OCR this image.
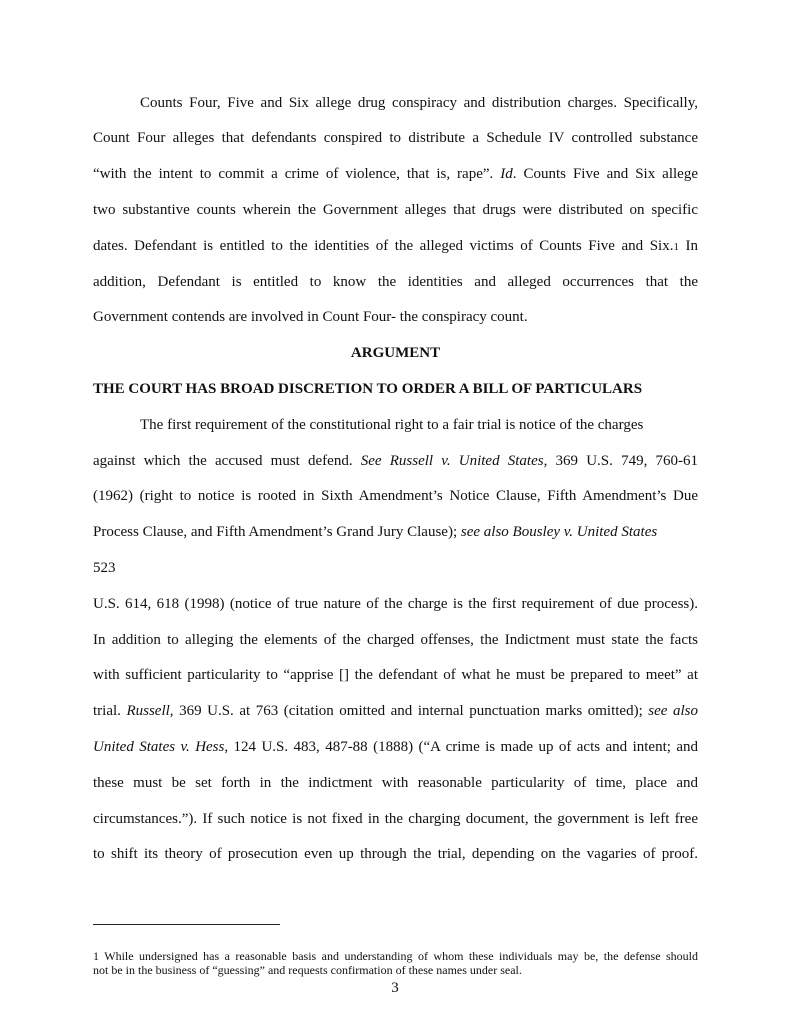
Counts Four, Five and Six allege drug conspiracy and distribution charges. Specifically,
Count Four alleges that defendants conspired to distribute a Schedule IV controlled substance
“with the intent to commit a crime of violence, that is, rape”. Id. Counts Five and Six allege
two substantive counts wherein the Government alleges that drugs were distributed on specific
dates. Defendant is entitled to the identities of the alleged victims of Counts Five and Six.1 In
addition, Defendant is entitled to know the identities and alleged occurrences that the
Government contends are involved in Count Four- the conspiracy count.
ARGUMENT
THE COURT HAS BROAD DISCRETION TO ORDER A BILL OF PARTICULARS
The first requirement of the constitutional right to a fair trial is notice of the charges
against which the accused must defend. See Russell v. United States, 369 U.S. 749, 760-61
(1962) (right to notice is rooted in Sixth Amendment’s Notice Clause, Fifth Amendment’s Due
Process Clause, and Fifth Amendment’s Grand Jury Clause); see also Bousley v. United States
523
U.S. 614, 618 (1998) (notice of true nature of the charge is the first requirement of due process).
In addition to alleging the elements of the charged offenses, the Indictment must state the facts
with sufficient particularity to “apprise [] the defendant of what he must be prepared to meet” at
trial. Russell, 369 U.S. at 763 (citation omitted and internal punctuation marks omitted); see also
United States v. Hess, 124 U.S. 483, 487-88 (1888) (“A crime is made up of acts and intent; and
these must be set forth in the indictment with reasonable particularity of time, place and
circumstances.”). If such notice is not fixed in the charging document, the government is left free
to shift its theory of prosecution even up through the trial, depending on the vagaries of proof.
1 While undersigned has a reasonable basis and understanding of whom these individuals may be, the defense should
not be in the business of “guessing” and requests confirmation of these names under seal.
3
